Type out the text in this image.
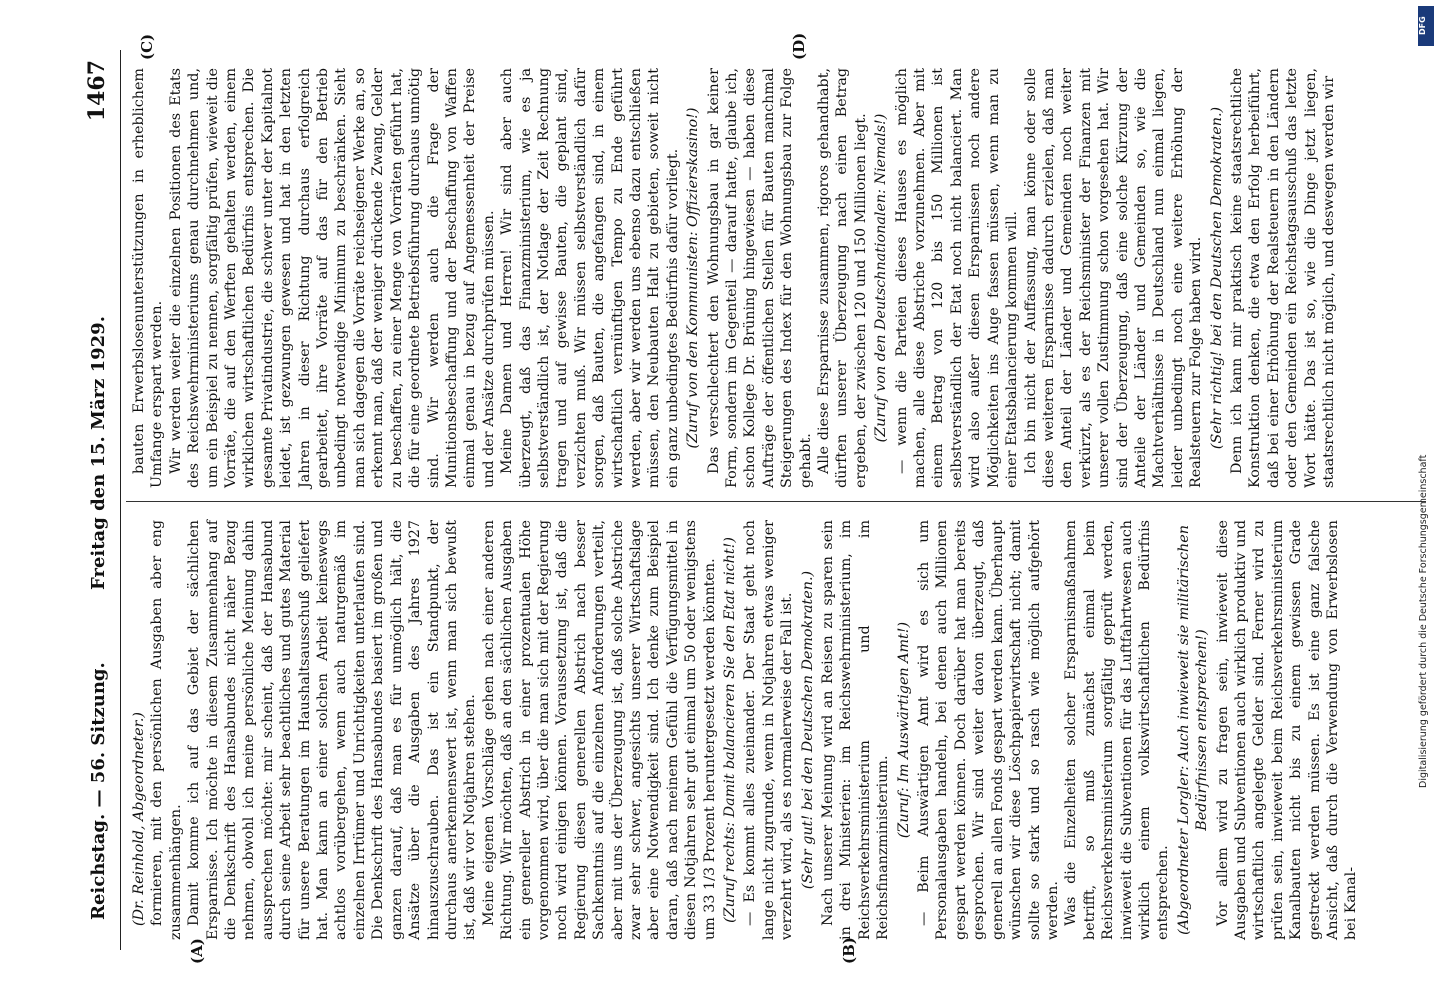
Reichstag. — 56. Sitzung.
Freitag den 15. März 1929.
1467
(A)	(B)

(Dr. Reinhold, Abgeordneter.) formieren, mit den persönlichen Ausgaben aber eng zusammenhängen. Damit komme ich auf das Gebiet der sächlichen Ersparnisse. Ich möchte in diesem Zusammenhang auf die Denkschrift des Hansabundes nicht näher Bezug nehmen, obwohl ich meine persönliche Meinung dahin aussprechen möchte: mir scheint, daß der Hansabund durch seine Arbeit sehr beachtliches und gutes Material für unsere Beratungen im Haushaltsausschuß geliefert hat. Man kann an einer solchen Arbeit keineswegs achtlos vorübergehen, wenn auch naturgemäß im einzelnen Irrtümer und Unrichtigkeiten unterlaufen sind. Die Denkschrift des Hansabundes basiert im großen und ganzen darauf, daß man es für unmöglich hält, die Ansätze über die Ausgaben des Jahres 1927 hinauszuschrauben. Das ist ein Standpunkt, der durchaus anerkennenswert ist, wenn man sich bewußt ist, daß wir vor Notjahren stehen. Meine eigenen Vorschläge gehen nach einer anderen Richtung. Wir möchten, daß an den sächlichen Ausgaben ein genereller Abstrich in einer prozentualen Höhe vorgenommen wird, über die man sich mit der Regierung noch wird einigen können. Voraussetzung ist, daß die Regierung diesen generellen Abstrich nach besser Sachkenntnis auf die einzelnen Anforderungen verteilt, aber mit uns der Überzeugung ist, daß solche Abstriche zwar sehr schwer, angesichts unserer Wirtschaftslage aber eine Notwendigkeit sind. Ich denke zum Beispiel daran, daß nach meinem Gefühl die Verfügungsmittel in diesen Notjahren sehr gut einmal um 50 oder wenigstens um 33 1/3 Prozent heruntergesetzt werden könnten. (Zuruf rechts: Damit balancieren Sie den Etat nicht!) — Es kommt alles zueinander. Der Staat geht noch lange nicht zugrunde, wenn in Notjahren etwas weniger verzehrt wird, als es normalerweise der Fall ist. (Sehr gut! bei den Deutschen Demokraten.) Nach unserer Meinung wird an Reisen zu sparen sein in drei Ministerien: im Reichswehrministerium, im Reichsverkehrsministerium und im Reichsfinanzministerium.

(Zuruf: Im Auswärtigen Amt!) — Beim Auswärtigen Amt wird es sich um Personalausgaben handeln, bei denen auch Millionen gespart werden können. Doch darüber hat man bereits gesprochen. Wir sind weiter davon überzeugt, daß generell an allen Fonds gespart werden kann. Überhaupt wünschen wir diese Löschpapierwirtschaft nicht; damit sollte so stark und so rasch wie möglich aufgehört werden. Was die Einzelheiten solcher Ersparnismaßnahmen betrifft, so muß zunächst einmal beim Reichsverkehrsministerium sorgfältig geprüft werden, inwieweit die Subventionen für das Luftfahrtwesen auch wirklich einem volkswirtschaftlichen Bedürfnis entsprechen. (Abgeordneter Lorgler: Auch inwieweit sie militärischen Bedürfnissen entsprechen!) Vor allem wird zu fragen sein, inwieweit diese Ausgaben und Subventionen auch wirklich produktiv und wirtschaftlich angelegte Gelder sind. Ferner wird zu prüfen sein, inwieweit beim Reichsverkehrsministerium Kanalbauten nicht bis zu einem gewissen Grade gestreckt werden müssen. Es ist eine ganz falsche Ansicht, daß durch die Verwendung von Erwerbslosen bei Kanal-

bauten Erwerbslosenunterstützungen in erheblichem Umfange erspart werden. Wir werden weiter die einzelnen Positionen des Etats des Reichswehrministeriums genau durchnehmen und, um ein Beispiel zu nennen, sorgfältig prüfen, wieweit die Vorräte, die auf den Werften gehalten werden, einem wirklichen wirtschaftlichen Bedürfnis entsprechen. Die gesamte Privatindustrie, die schwer unter der Kapitalnot leidet, ist gezwungen gewesen und hat in den letzten Jahren in dieser Richtung durchaus erfolgreich gearbeitet, ihre Vorräte auf das für den Betrieb unbedingt notwendige Minimum zu beschränken. Sieht man sich dagegen die Vorräte reichseigener Werke an, so erkennt man, daß der weniger drückende Zwang, Gelder zu beschaffen, zu einer Menge von Vorräten geführt hat, die für eine geordnete Betriebsführung durchaus unnötig sind. Wir werden auch die Frage der Munitionsbeschaffung und der Beschaffung von Waffen einmal genau in bezug auf Angemessenheit der Preise und der Ansätze durchprüfen müssen. Meine Damen und Herren! Wir sind aber auch überzeugt, daß das Finanzministerium, wie es ja selbstverständlich ist, der Notlage der Zeit Rechnung tragen und auf gewisse Bauten, die geplant sind, verzichten muß. Wir müssen selbstverständlich dafür sorgen, daß Bauten, die angefangen sind, in einem wirtschaftlich vernünftigen Tempo zu Ende geführt werden, aber wir werden uns ebenso dazu entschließen müssen, den Neubauten Halt zu gebieten, soweit nicht ein ganz unbedingtes Bedürfnis dafür vorliegt. (Zuruf von den Kommunisten: Offizierskasino!) Das verschlechtert den Wohnungsbau in gar keiner Form, sondern im Gegenteil — darauf hatte, glaube ich, schon Kollege Dr. Brüning hingewiesen — haben diese Aufträge der öffentlichen Stellen für Bauten manchmal Steigerungen des Index für den Wohnungsbau zur Folge gehabt. Alle diese Ersparnisse zusammen, rigoros gehandhabt, dürften unserer Überzeugung nach einen Betrag ergeben, der zwischen 120 und 150 Millionen liegt. (Zuruf von den Deutschnationalen: Niemals!) — wenn die Parteien dieses Hauses es möglich machen, alle diese Abstriche vorzunehmen. Aber mit einem Betrag von 120 bis 150 Millionen ist selbstverständlich der Etat noch nicht balanciert. Man wird also außer diesen Ersparnissen noch andere Möglichkeiten ins Auge fassen müssen, wenn man zu einer Etatsbalancierung kommen will. Ich bin nicht der Auffassung, man könne oder solle diese weiteren Ersparnisse dadurch erzielen, daß man den Anteil der Länder und Gemeinden noch weiter verkürzt, als es der Reichsminister der Finanzen mit unserer vollen Zustimmung schon vorgesehen hat. Wir sind der Überzeugung, daß eine solche Kürzung der Anteile der Länder und Gemeinden so, wie die Machtverhältnisse in Deutschland nun einmal liegen, leider unbedingt noch eine weitere Erhöhung der Realsteuern zur Folge haben wird. (Sehr richtig! bei den Deutschen Demokraten.) Denn ich kann mir praktisch keine staatsrechtliche Konstruktion denken, die etwa den Erfolg herbeiführt, daß bei einer Erhöhung der Realsteuern in den Ländern oder den Gemeinden ein Reichstagsausschuß das letzte Wort hätte. Das ist so, wie die Dinge jetzt liegen, staatsrechtlich nicht möglich, und deswegen werden wir

(C)	(D)
Digitalisierung gefördert durch die Deutsche Forschungsgemeinschaft
DFG
